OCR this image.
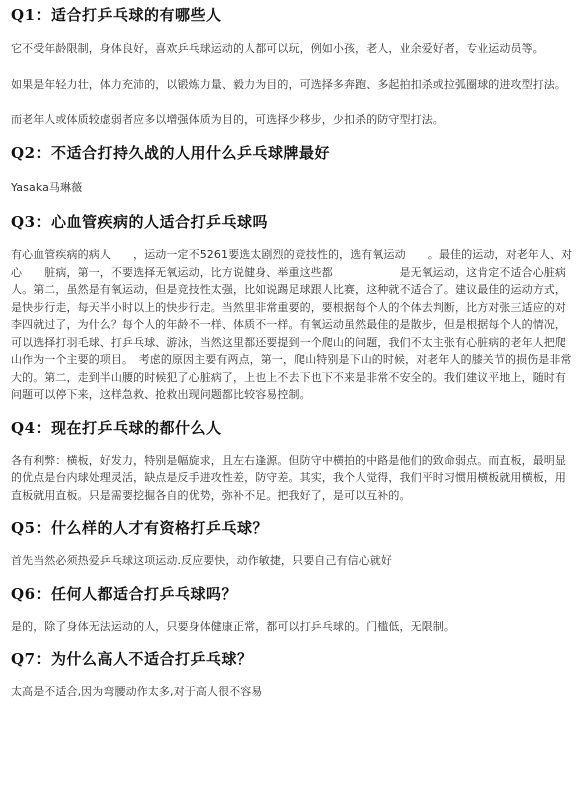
Q1：适合打乒乓球的有哪些人

它不受年龄限制，身体良好，喜欢乒乓球运动的人都可以玩，例如小孩，老人，业余爱好者，专业运动员等。

如果是年轻力壮，体力充沛的，以锻炼力量、毅力为目的，可选择多奔跑、多起拍扣杀或拉弧圈球的进攻型打法。

而老年人或体质较虚弱者应多以增强体质为目的，可选择少移步，少扣杀的防守型打法。

Q2：不适合打持久战的人用什么乒乓球牌最好

Yasaka马琳薇

Q3：心血管疾病的人适合打乒乓球吗

有心血管疾病的病人　　，运动一定不5261要选太剧烈的竞技性的，选有氧运动　　。最佳的运动，对老年人、对心　　脏病，第一，不要选择无氧运动，比方说健身、举重这些都　　　　　　是无氧运动，这肯定不适合心脏病人。第二，虽然是有氧运动，但是竞技性太强，比如说踢足球跟人比赛，这种就不适合了。建议最佳的运动方式，是快步行走，每天半小时以上的快步行走。当然里非常重要的，要根据每个人的个体去判断，比方对张三适应的对李四就过了，为什么？每个人的年龄不一样、体质不一样。有氧运动虽然最佳的是散步，但是根据每个人的情况，可以选择打羽毛球、打乒乓球、游泳，当然这里都还要提到一个爬山的问题，我们不太主张有心脏病的老年人把爬山作为一个主要的项目。　考虑的原因主要有两点，第一，爬山特别是下山的时候，对老年人的膝关节的损伤是非常大的。第二，走到半山腰的时候犯了心脏病了，上也上不去下也下不来是非常不安全的。我们建议平地上，随时有问题可以停下来，这样急救、抢救出现问题都比较容易控制。

Q4：现在打乒乓球的都什么人

各有利弊：横板，好发力，特别是幅旋求，且左右逢源。但防守中横拍的中路是他们的致命弱点。而直板，最明显的优点是台内球处理灵活，缺点是反手进攻性差，防守差。其实，我个人觉得，我们平时习惯用横板就用横板，用直板就用直板。只是需要挖掘各自的优势，弥补不足。把我好了，是可以互补的。

Q5：什么样的人才有资格打乒乓球？

首先当然必须热爱乒乓球这项运动.反应要快，动作敏捷，只要自己有信心就好

Q6：任何人都适合打乒乓球吗？

是的，除了身体无法运动的人，只要身体健康正常，都可以打乒乓球的。门槛低，无限制。

Q7：为什么高人不适合打乒乓球？

太高是不适合,因为弯腰动作太多,对于高人很不容易
